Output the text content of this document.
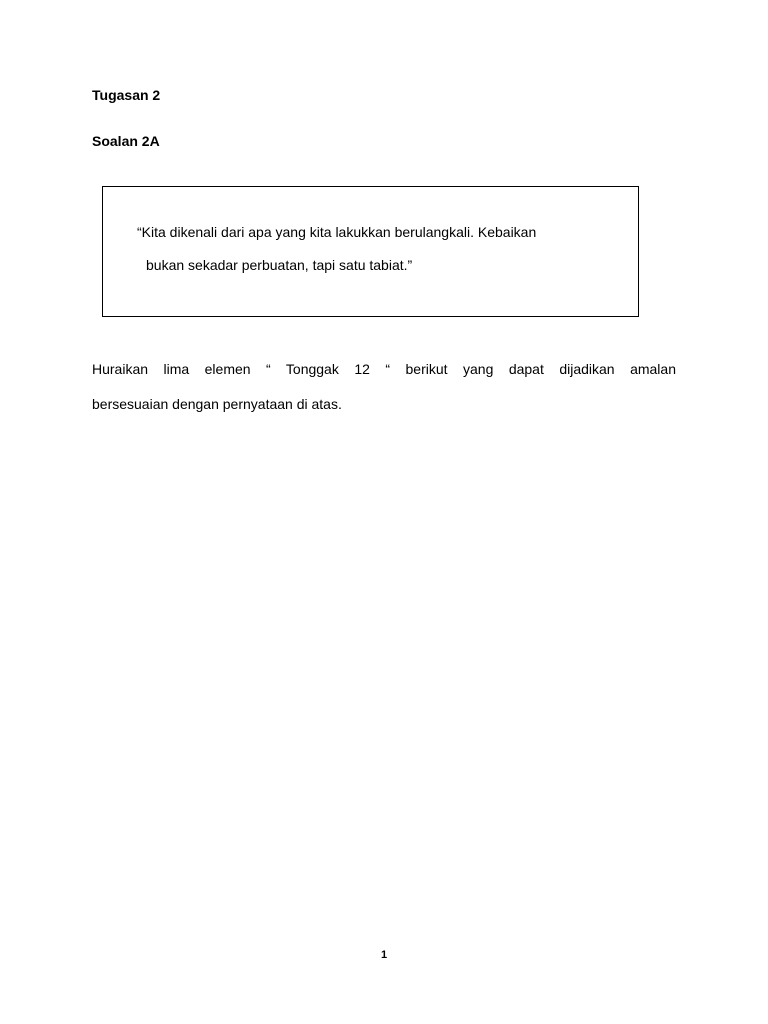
Tugasan 2
Soalan 2A
“Kita dikenali dari apa yang kita lakukkan berulangkali. Kebaikan
bukan sekadar perbuatan, tapi satu tabiat.”
Huraikan lima elemen “ Tonggak 12 “ berikut yang dapat dijadikan amalan
bersesuaian dengan pernyataan di atas.
1
